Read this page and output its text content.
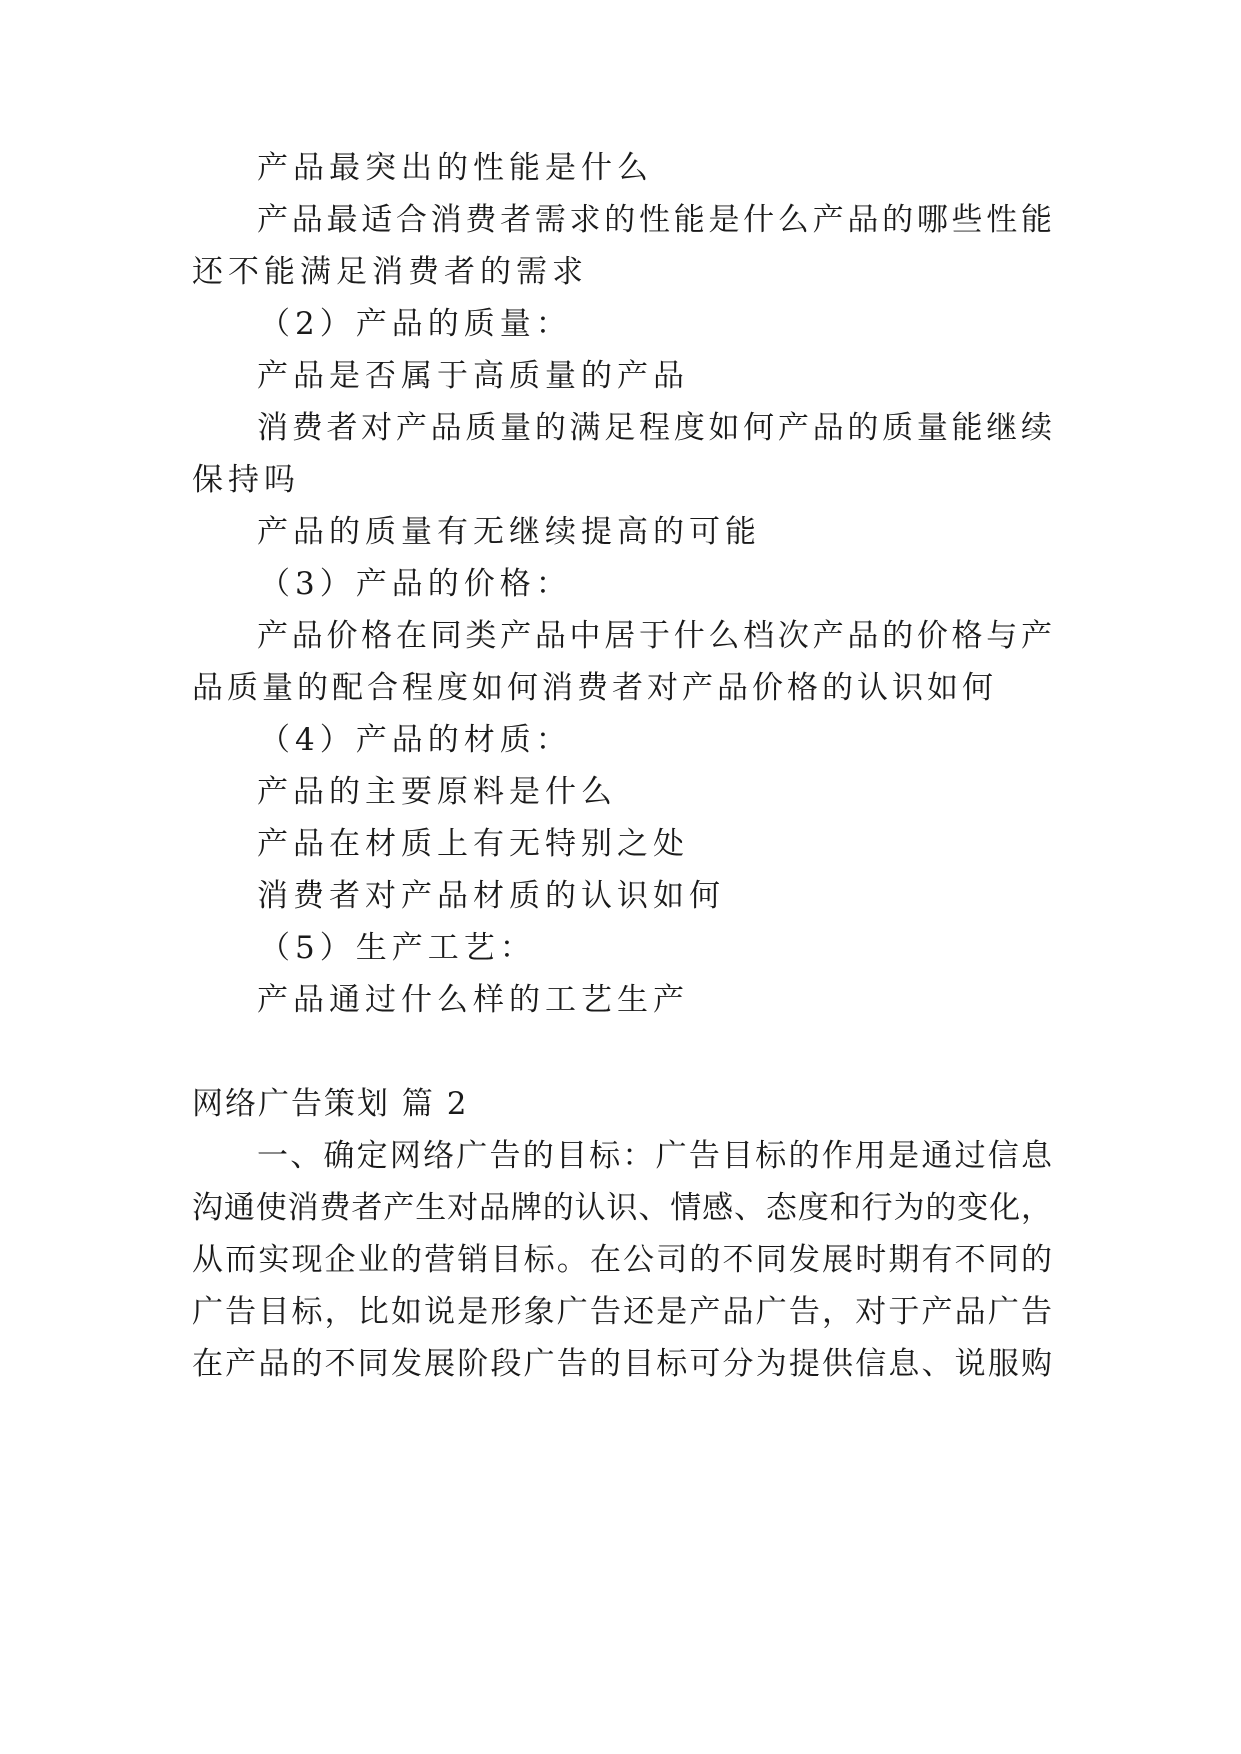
产品最突出的性能是什么
产品最适合消费者需求的性能是什么产品的哪些性能
还不能满足消费者的需求
（2）产品的质量：
产品是否属于高质量的产品
消费者对产品质量的满足程度如何产品的质量能继续
保持吗
产品的质量有无继续提高的可能
（3）产品的价格：
产品价格在同类产品中居于什么档次产品的价格与产
品质量的配合程度如何消费者对产品价格的认识如何
（4）产品的材质：
产品的主要原料是什么
产品在材质上有无特别之处
消费者对产品材质的认识如何
（5）生产工艺：
产品通过什么样的工艺生产
网络广告策划 篇 2
一、确定网络广告的目标：广告目标的作用是通过信息
沟通使消费者产生对品牌的认识、情感、态度和行为的变化，
从而实现企业的营销目标。在公司的不同发展时期有不同的
广告目标，比如说是形象广告还是产品广告，对于产品广告
在产品的不同发展阶段广告的目标可分为提供信息、说服购
